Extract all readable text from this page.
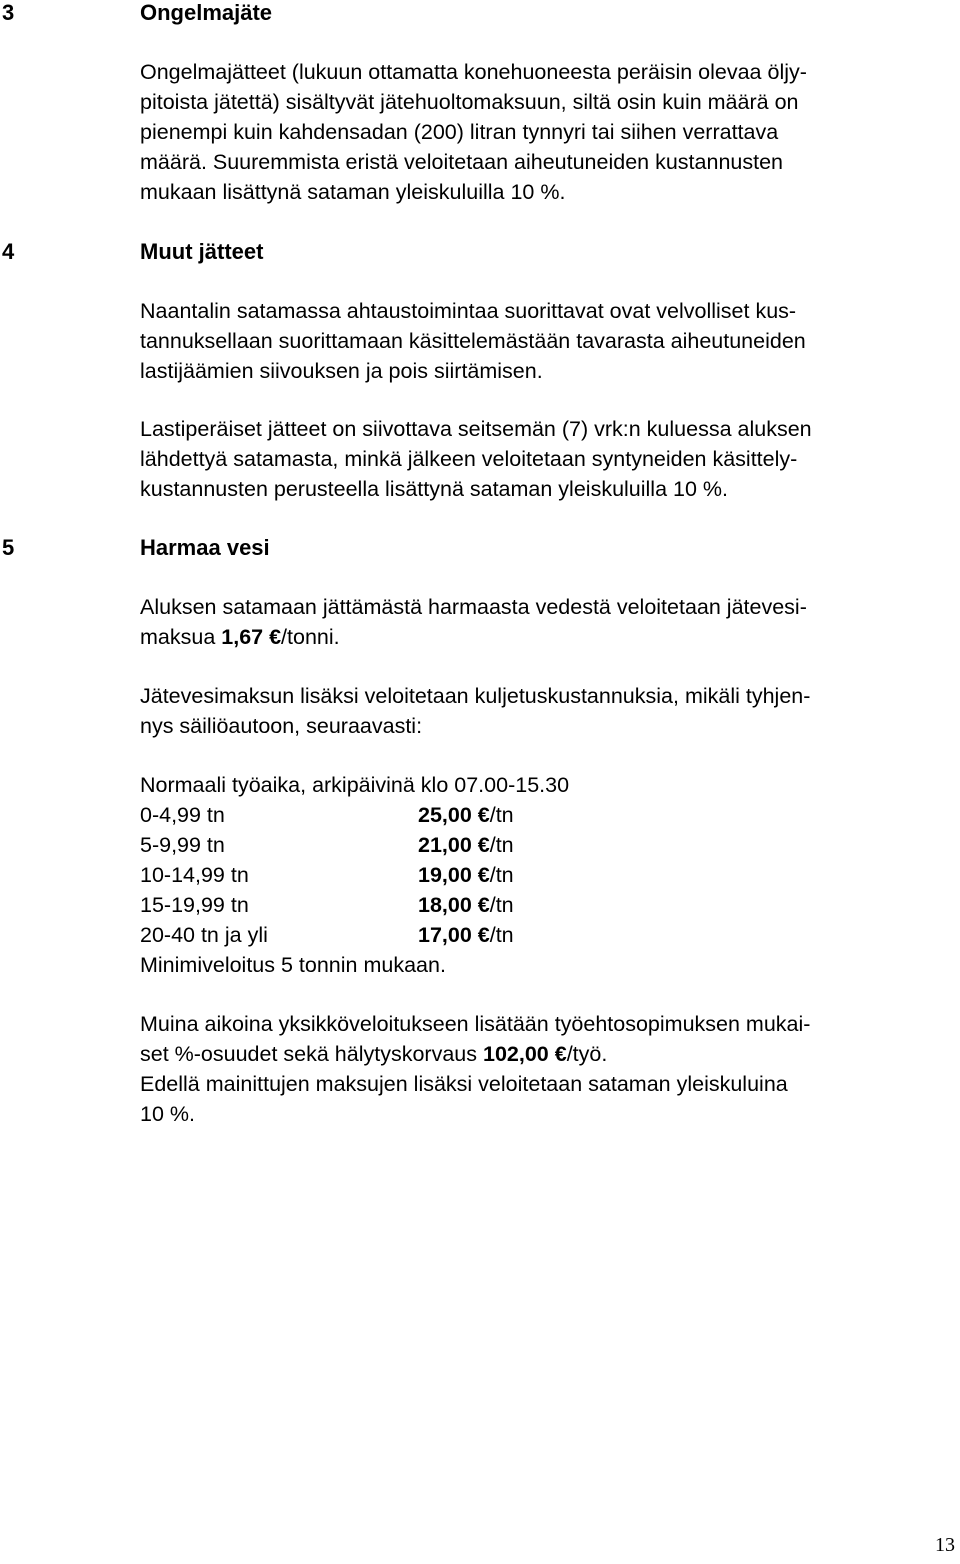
3	Ongelmajäte
Ongelmajätteet (lukuun ottamatta konehuoneesta peräisin olevaa öljy-
pitoista jätettä) sisältyvät jätehuoltomaksuun, siltä osin kuin määrä on
pienempi kuin kahdensadan (200) litran tynnyri tai siihen verrattava
määrä. Suuremmista eristä veloitetaan aiheutuneiden kustannusten
mukaan lisättynä sataman yleiskuluilla 10 %.
4	Muut jätteet
Naantalin satamassa ahtaustoimintaa suorittavat ovat velvolliset kus-
tannuksellaan suorittamaan käsittelemästään tavarasta aiheutuneiden
lastijäämien siivouksen ja pois siirtämisen.
Lastiperäiset jätteet on siivottava seitsemän (7) vrk:n kuluessa aluksen
lähdettyä satamasta, minkä jälkeen veloitetaan syntyneiden käsittely-
kustannusten perusteella lisättynä sataman yleiskuluilla 10 %.
5	Harmaa vesi
Aluksen satamaan jättämästä harmaasta vedestä veloitetaan jätevesi-
maksua 1,67 €/tonni.
Jätevesimaksun lisäksi veloitetaan kuljetuskustannuksia, mikäli tyhjen-
nys säiliöautoon, seuraavasti:
Normaali työaika, arkipäivinä klo 07.00-15.30
0-4,99 tn	25,00 €/tn
5-9,99 tn	21,00 €/tn
10-14,99 tn	19,00 €/tn
15-19,99 tn	18,00 €/tn
20-40 tn ja yli	17,00 €/tn
Minimiveloitus 5 tonnin mukaan.
Muina aikoina yksikköveloitukseen lisätään työehtosopimuksen mukai-
set %-osuudet sekä hälytyskorvaus 102,00 €/työ.
Edellä mainittujen maksujen lisäksi veloitetaan sataman yleiskuluina
10 %.
13
